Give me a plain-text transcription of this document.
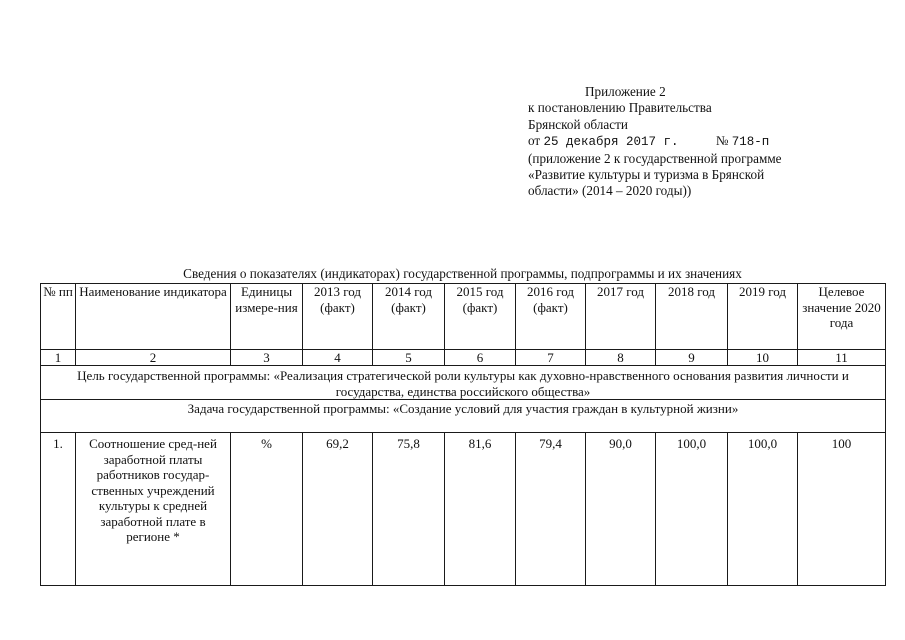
Приложение 2
к постановлению Правительства
Брянской области
от 25 декабря 2017 г.	№ 718-п
(приложение 2 к государственной программе
«Развитие культуры и туризма в Брянской
области» (2014 – 2020 годы))
Сведения о показателях (индикаторах) государственной программы, подпрограммы и их значениях
№ пп	Наименование индикатора	Единицы измере-ния	2013 год (факт)	2014 год (факт)	2015 год (факт)	2016 год (факт)	2017 год	2018 год	2019 год	Целевое значение 2020 года
1	2	3	4	5	6	7	8	9	10	11
Цель государственной программы: «Реализация стратегической роли культуры как духовно-нравственного основания развития личности и государства, единства российского общества»										
Задача государственной программы: «Создание условий для участия граждан в культурной жизни»										
1.	Соотношение сред-ней заработной платы работников государ-ственных учреждений культуры к средней заработной плате в регионе *	%	69,2	75,8	81,6	79,4	90,0	100,0	100,0	100
